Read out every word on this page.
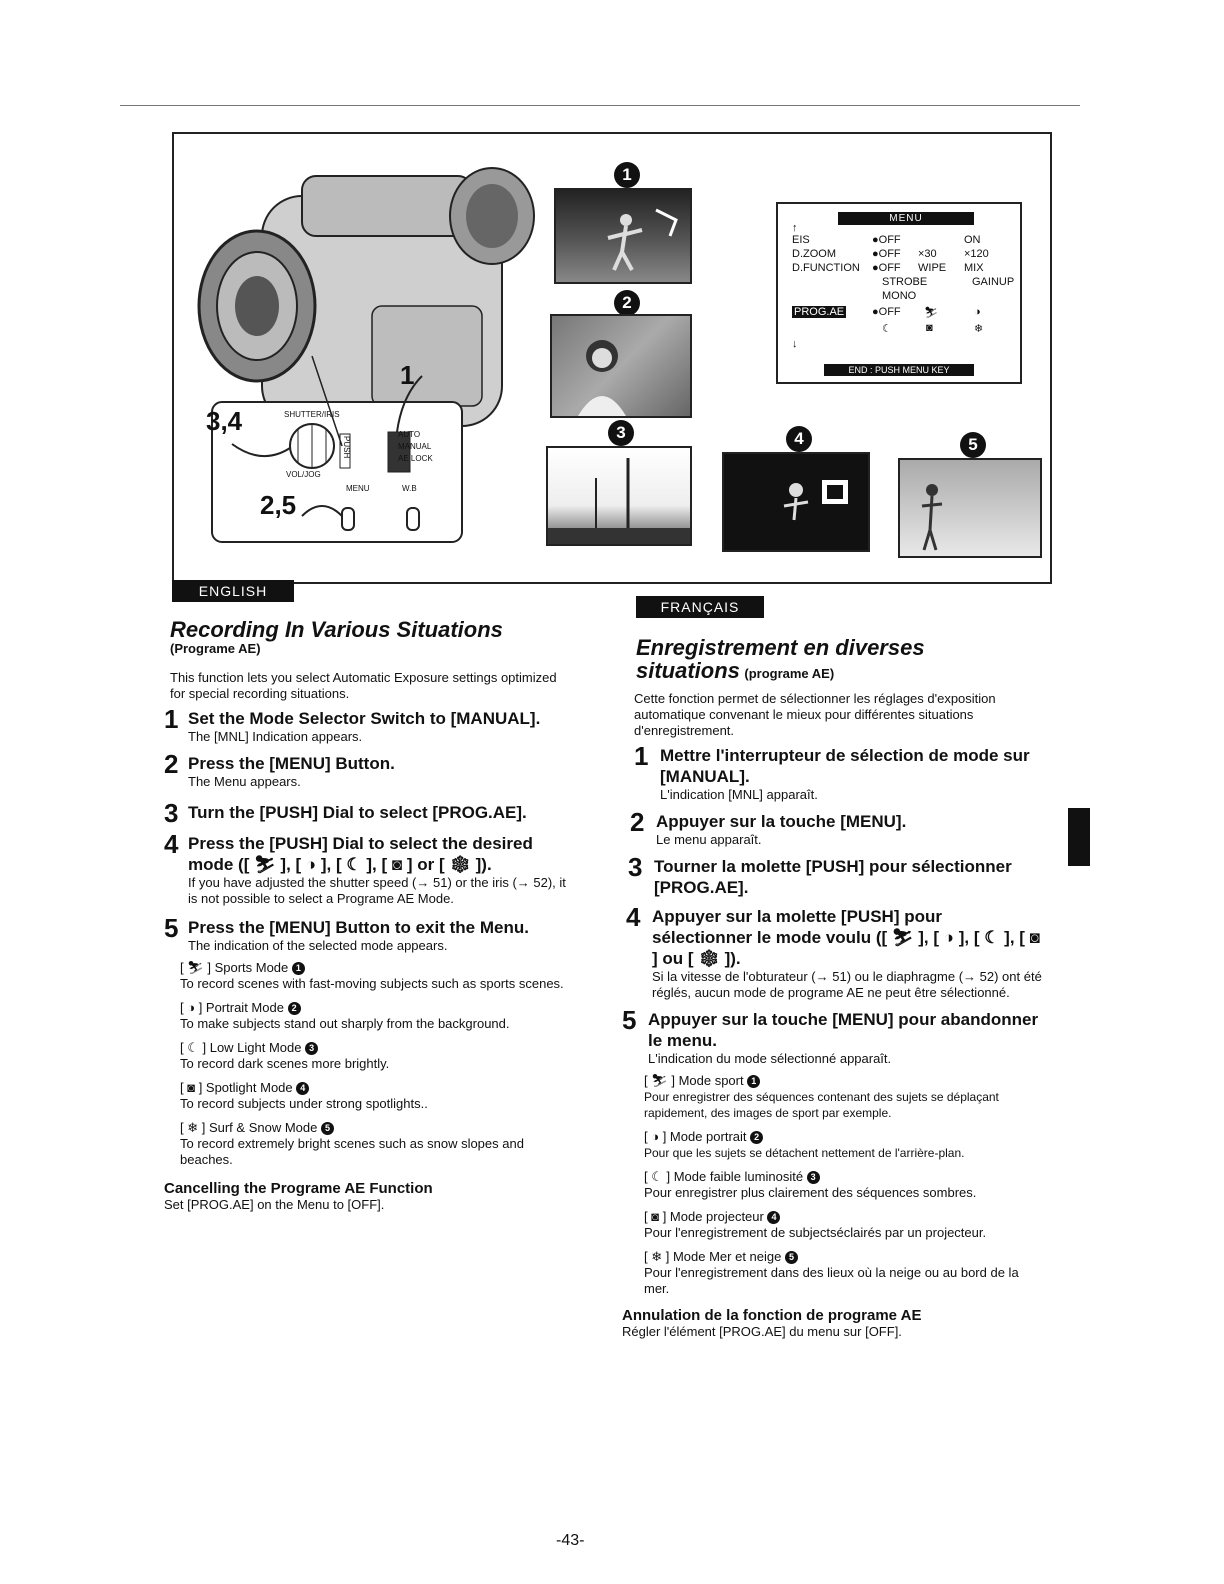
3,4
2,5
1
SHUTTER/IRIS
PUSH
VOL/JOG
MENU	W.B
AUTO
MANUAL
AE LOCK
1
2
3	4	5
MENU
↑
EIS	●OFF	ON
D.ZOOM	●OFF ×30 ×120
D.FUNCTION ●OFF WIPE MIX
STROBE	GAINUP
MONO
PROG.AE	●OFF ⛷	◑
☾	◙	❄
↓
END : PUSH MENU KEY
ENGLISH
Recording In Various Situations
(Programe AE)

This function lets you select Automatic Exposure settings optimized for special recording situations.

1 Set the Mode Selector Switch to [MANUAL].
The [MNL] Indication appears.
2 Press the [MENU] Button.
The Menu appears.
3 Turn the [PUSH] Dial to select [PROG.AE].
4 Press the [PUSH] Dial to select the desired mode ([ ⛷ ], [ ◑ ], [ ☾ ], [ ◙ ] or [ ❄ ]).
If you have adjusted the shutter speed (→ 51) or the iris (→ 52), it is not possible to select a Programe AE Mode.
5 Press the [MENU] Button to exit the Menu.
The indication of the selected mode appears.

[ ⛷ ] Sports Mode 1

To record scenes with fast-moving subjects such as sports scenes.

[ ◑ ] Portrait Mode 2

To make subjects stand out sharply from the background.

[ ☾ ] Low Light Mode 3

To record dark scenes more brightly.

[ ◙ ] Spotlight Mode 4

To record subjects under strong spotlights..

[ ❄ ] Surf & Snow Mode 5

To record extremely bright scenes such as snow slopes and beaches.

Cancelling the Programe AE Function

Set [PROG.AE] on the Menu to [OFF].

FRANÇAIS
Enregistrement en diverses
situations (programe AE)

Cette fonction permet de sélectionner les réglages d'exposition automatique convenant le mieux pour différentes situations d'enregistrement.

1 Mettre l'interrupteur de sélection de mode sur [MANUAL].
L'indication [MNL] apparaît.
2 Appuyer sur la touche [MENU].
Le menu apparaît.
3 Tourner la molette [PUSH] pour sélectionner [PROG.AE].
4 Appuyer sur la molette [PUSH] pour sélectionner le mode voulu ([ ⛷ ], [ ◑ ], [ ☾ ], [ ◙ ] ou [ ❄ ]).
Si la vitesse de l'obturateur (→ 51) ou le diaphragme (→ 52) ont été réglés, aucun mode de programe AE ne peut être sélectionné.
5 Appuyer sur la touche [MENU] pour abandonner le menu.
L'indication du mode sélectionné apparaît.

[ ⛷ ] Mode sport 1

Pour enregistrer des séquences contenant des sujets se déplaçant rapidement, des images de sport par exemple.

[ ◑ ] Mode portrait 2

Pour que les sujets se détachent nettement de l'arrière-plan.

[ ☾ ] Mode faible luminosité 3

Pour enregistrer plus clairement des séquences sombres.

[ ◙ ] Mode projecteur 4

Pour l'enregistrement de subjectséclairés par un projecteur.

[ ❄ ] Mode Mer et neige 5

Pour l'enregistrement dans des lieux où la neige ou au bord de la mer.

Annulation de la fonction de programe AE

Régler l'élément [PROG.AE] du menu sur [OFF].

-43-
